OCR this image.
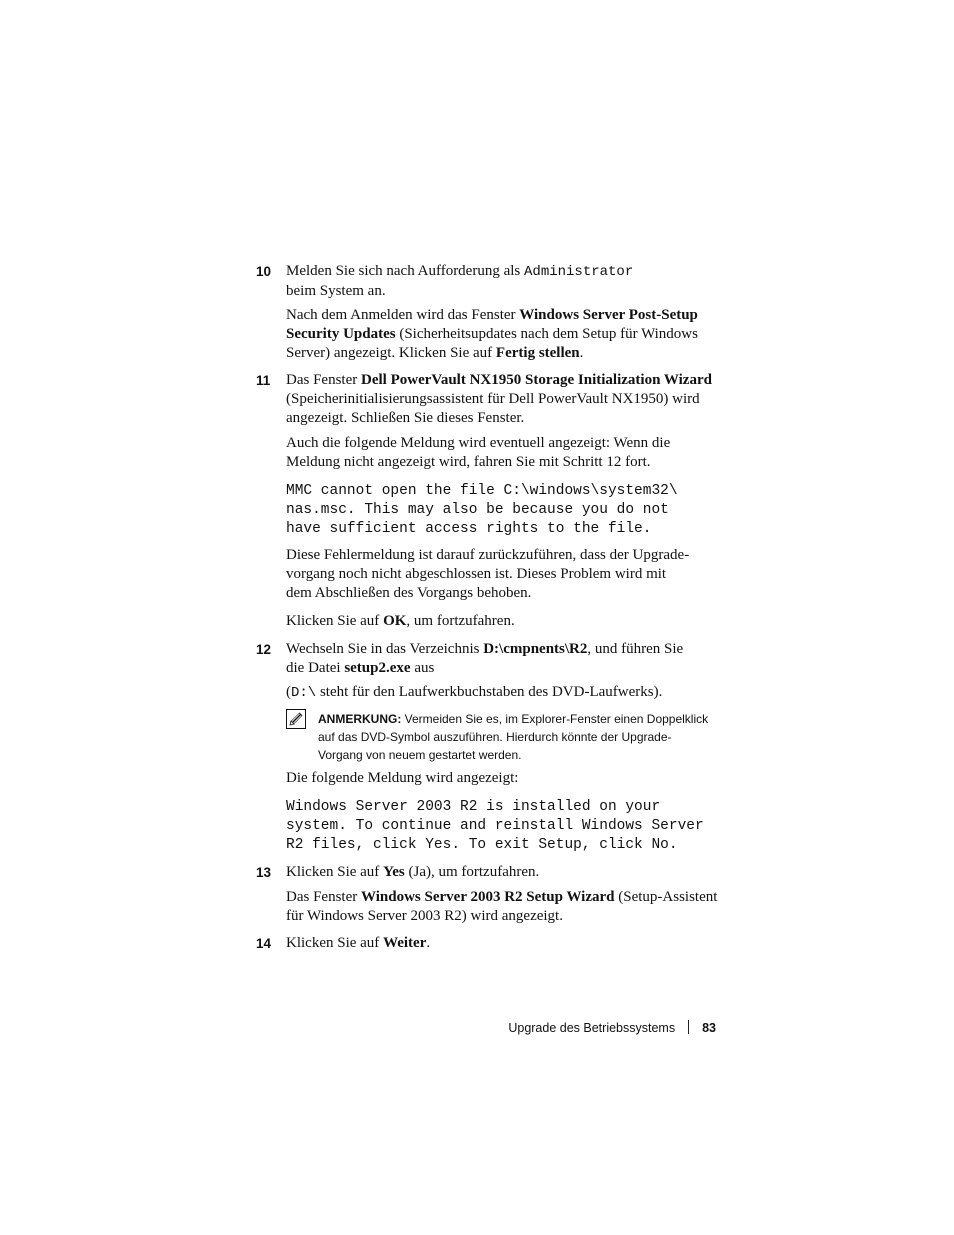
10 Melden Sie sich nach Aufforderung als Administrator
beim System an.
Nach dem Anmelden wird das Fenster Windows Server Post-Setup
Security Updates (Sicherheitsupdates nach dem Setup für Windows
Server) angezeigt. Klicken Sie auf Fertig stellen.
11	Das Fenster Dell PowerVault NX1950 Storage Initialization Wizard
(Speicherinitialisierungsassistent für Dell PowerVault NX1950) wird
angezeigt. Schließen Sie dieses Fenster.
Auch die folgende Meldung wird eventuell angezeigt: Wenn die
Meldung nicht angezeigt wird, fahren Sie mit Schritt 12 fort.
MMC cannot open the file C:\windows\system32\
nas.msc. This may also be because you do not
have sufficient access rights to the file.
Diese Fehlermeldung ist darauf zurückzuführen, dass der Upgrade-
vorgang noch nicht abgeschlossen ist. Dieses Problem wird mit
dem Abschließen des Vorgangs behoben.
Klicken Sie auf OK, um fortzufahren.
12 Wechseln Sie in das Verzeichnis D:\cmpnents\R2, und führen Sie
die Datei setup2.exe aus
(D:\ steht für den Laufwerkbuchstaben des DVD-Laufwerks).
ANMERKUNG: Vermeiden Sie es, im Explorer-Fenster einen Doppelklick
auf das DVD-Symbol auszuführen. Hierdurch könnte der Upgrade-
Vorgang von neuem gestartet werden.
Die folgende Meldung wird angezeigt:
Windows Server 2003 R2 is installed on your
system. To continue and reinstall Windows Server
R2 files, click Yes. To exit Setup, click No.
13 Klicken Sie auf Yes (Ja), um fortzufahren.
Das Fenster Windows Server 2003 R2 Setup Wizard (Setup-Assistent
für Windows Server 2003 R2) wird angezeigt.
14 Klicken Sie auf Weiter.
Upgrade des Betriebssystems 83
